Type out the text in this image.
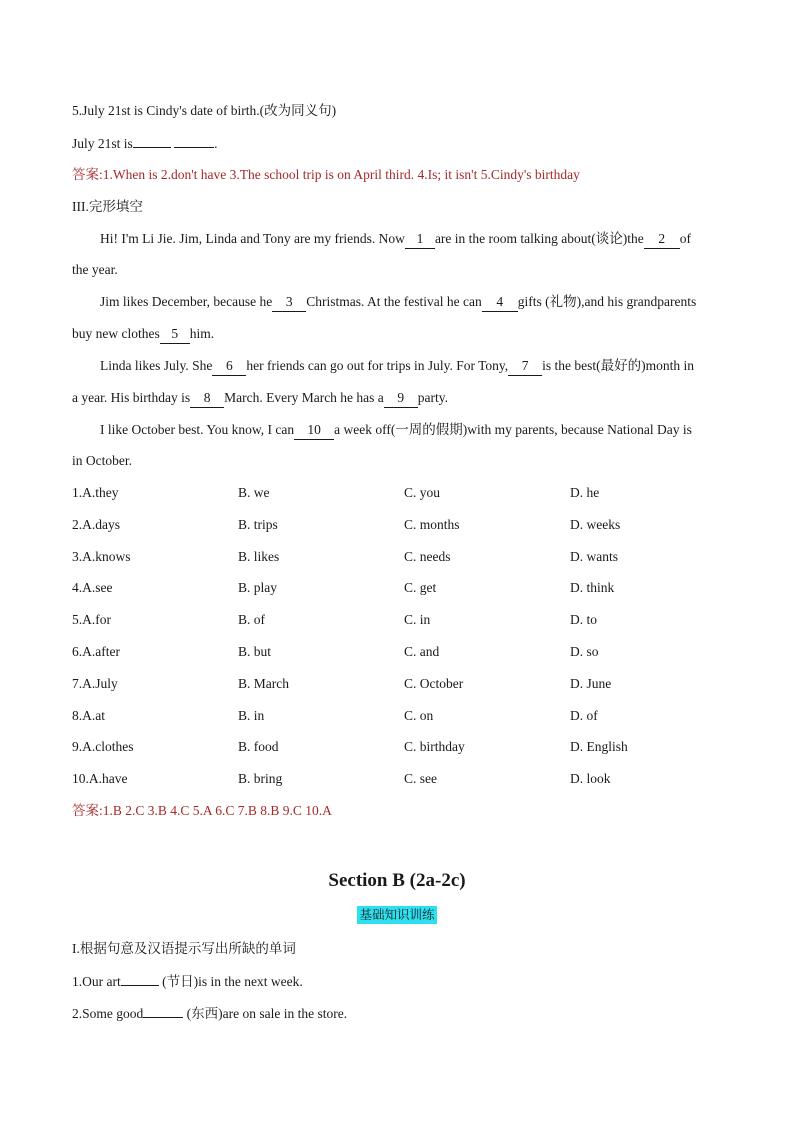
5.July 21st is Cindy's date of birth.(改为同义句)
July 21st is	.
答案:1.When is 2.don't have 3.The school trip is on April third. 4.Is; it isn't 5.Cindy's birthday
III.完形填空
Hi! I'm Li Jie. Jim, Linda and Tony are my friends. Now 1 are in the room talking about(谈论)the 2 of
the year.
Jim likes December, because he 3 Christmas. At the festival he can 4 gifts (礼物),and his grandparents
buy new clothes 5 him.
Linda likes July. She 6 her friends can go out for trips in July. For Tony, 7 is the best(最好的)month in
a year. His birthday is 8 March. Every March he has a 9 party.
I like October best. You know, I can 10 a week off(一周的假期)with my parents, because National Day is
in October.
1.A.they	B. we	C. you	D. he
2.A.days	B. trips	C. months	D. weeks
3.A.knows	B. likes	C. needs	D. wants
4.A.see	B. play	C. get	D. think
5.A.for	B. of	C. in	D. to
6.A.after	B. but	C. and	D. so
7.A.July	B. March	C. October	D. June
8.A.at	B. in	C. on	D. of
9.A.clothes	B. food	C. birthday	D. English
10.A.have	B. bring	C. see	D. look
答案:1.B 2.C 3.B 4.C 5.A 6.C 7.B 8.B 9.C 10.A
Section B (2a-2c)
基础知识训练
I.根据句意及汉语提示写出所缺的单词
1.Our art	(节日)is in the next week.
2.Some good	(东西)are on sale in the store.
